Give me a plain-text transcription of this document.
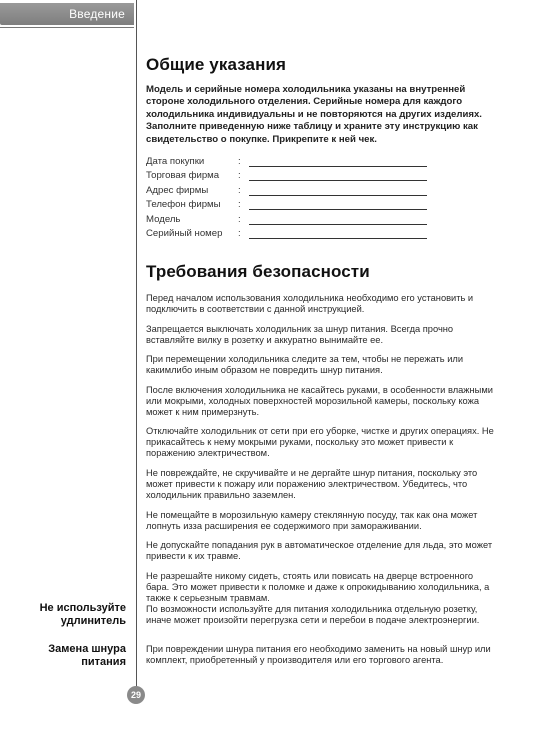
Введение
Общие указания

Модель и серийные номера холодильника указаны на внутренней стороне холодильного отделения. Серийные номера для каждого холодильника индивидуальны и не повторяются на других изделиях. Заполните приведенную ниже таблицу и храните эту инструкцию как свидетельство о покупке. Прикрепите к ней чек.

Дата покупки	:
Торговая фирма :
Адрес фирмы	:
Телефон фирмы :
Модель	:
Серийный номер :
Требования безопасности

Перед началом использования холодильника необходимо его установить и подключить в соответствии с данной инструкцией.

Запрещается выключать холодильник за шнур питания. Всегда прочно вставляйте вилку в розетку и аккуратно вынимайте ее.

При перемещении холодильника следите за тем, чтобы не пережать или какимлибо иным образом не повредить шнур питания.

После включения холодильника не касайтесь руками, в особенности влажными или мокрыми, холодных поверхностей морозильной камеры, поскольку кожа может к ним примерзнуть.

Отключайте холодильник от сети при его уборке, чистке и других операциях. Не прикасайтесь к нему мокрыми руками, поскольку это может привести к поражению электричеством.

Не повреждайте, не скручивайте и не дергайте шнур питания, поскольку это может привести к пожару или поражению электричеством. Убедитесь, что холодильник правильно заземлен.

Не помещайте в морозильную камеру стеклянную посуду, так как она может лопнуть изза расширения ее содержимого при замораживании.

Не допускайте попадания рук в автоматическое отделение для льда, это может привести к их травме.

Не разрешайте никому сидеть, стоять или повисать на дверце встроенного бара. Это может привести к поломке и даже к опрокидыванию холодильника, а также к серьезным травмам.

Не используйте удлинитель

По возможности используйте для питания холодильника отдельную розетку, иначе может произойти перегрузка сети и перебои в подаче электроэнергии.

Замена шнура питания

При повреждении шнура питания его необходимо заменить на новый шнур или комплект, приобретенный у производителя или его торгового агента.

29
